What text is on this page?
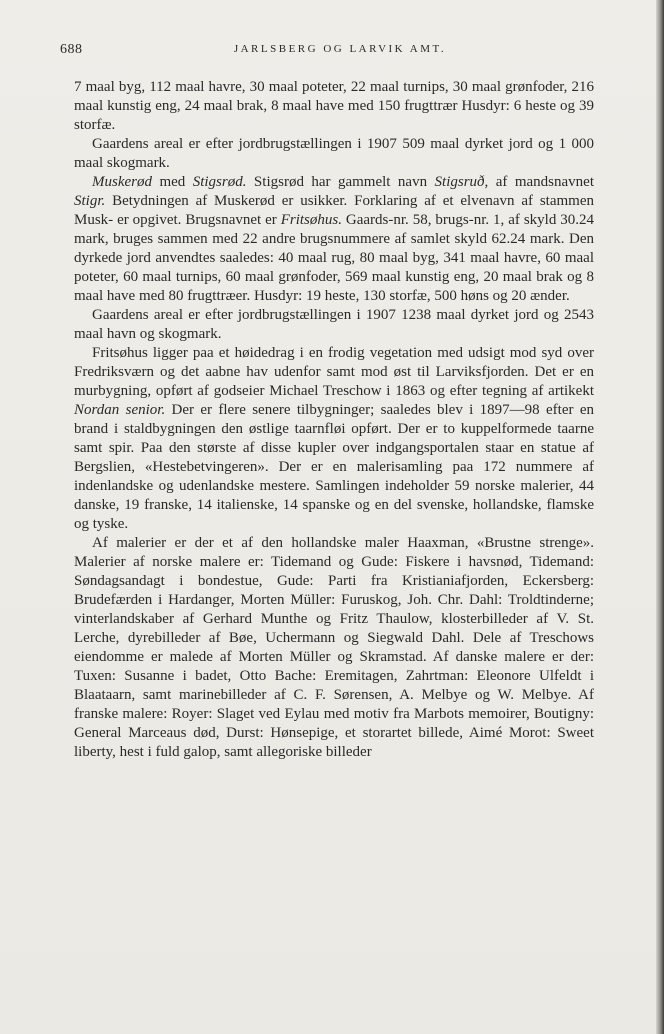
688	JARLSBERG OG LARVIK AMT.

7 maal byg, 112 maal havre, 30 maal poteter, 22 maal turnips, 30 maal grønfoder, 216 maal kunstig eng, 24 maal brak, 8 maal have med 150 frugttrær Husdyr: 6 heste og 39 storfæ.

Gaardens areal er efter jordbrugstællingen i 1907 509 maal dyrket jord og 1 000 maal skogmark.

Muskerød med Stigsrød. Stigsrød har gammelt navn Stigsruð, af mandsnavnet Stigr. Betydningen af Muskerød er usikker. Forklaring af et elvenavn af stammen Musk- er opgivet. Brugsnavnet er Fritsøhus. Gaards-nr. 58, brugs-nr. 1, af skyld 30.24 mark, bruges sammen med 22 andre brugsnummere af samlet skyld 62.24 mark. Den dyrkede jord anvendtes saaledes: 40 maal rug, 80 maal byg, 341 maal havre, 60 maal poteter, 60 maal turnips, 60 maal grønfoder, 569 maal kunstig eng, 20 maal brak og 8 maal have med 80 frugttræer. Husdyr: 19 heste, 130 storfæ, 500 høns og 20 ænder.

Gaardens areal er efter jordbrugstællingen i 1907 1238 maal dyrket jord og 2543 maal havn og skogmark.

Fritsøhus ligger paa et høidedrag i en frodig vegetation med udsigt mod syd over Fredriksværn og det aabne hav udenfor samt mod øst til Larviksfjorden. Det er en murbygning, opført af godseier Michael Treschow i 1863 og efter tegning af artikekt Nordan senior. Der er flere senere tilbygninger; saaledes blev i 1897—98 efter en brand i staldbygningen den østlige taarnfløi opført. Der er to kuppelformede taarne samt spir. Paa den største af disse kupler over indgangsportalen staar en statue af Bergslien, «Hestebetvingeren». Der er en malerisamling paa 172 nummere af indenlandske og udenlandske mestere. Samlingen indeholder 59 norske malerier, 44 danske, 19 franske, 14 italienske, 14 spanske og en del svenske, hollandske, flamske og tyske.

Af malerier er der et af den hollandske maler Haaxman, «Brustne strenge». Malerier af norske malere er: Tidemand og Gude: Fiskere i havsnød, Tidemand: Søndagsandagt i bondestue, Gude: Parti fra Kristianiafjorden, Eckersberg: Brudefærden i Hardanger, Morten Müller: Furuskog, Joh. Chr. Dahl: Troldtinderne; vinterlandskaber af Gerhard Munthe og Fritz Thaulow, klosterbilleder af V. St. Lerche, dyrebilleder af Bøe, Uchermann og Siegwald Dahl. Dele af Treschows eiendomme er malede af Morten Müller og Skramstad. Af danske malere er der: Tuxen: Susanne i badet, Otto Bache: Eremitagen, Zahrtman: Eleonore Ulfeldt i Blaataarn, samt marinebilleder af C. F. Sørensen, A. Melbye og W. Melbye. Af franske malere: Royer: Slaget ved Eylau med motiv fra Marbots memoirer, Boutigny: General Marceaus død, Durst: Hønsepige, et storartet billede, Aimé Morot: Sweet liberty, hest i fuld galop, samt allegoriske billeder
